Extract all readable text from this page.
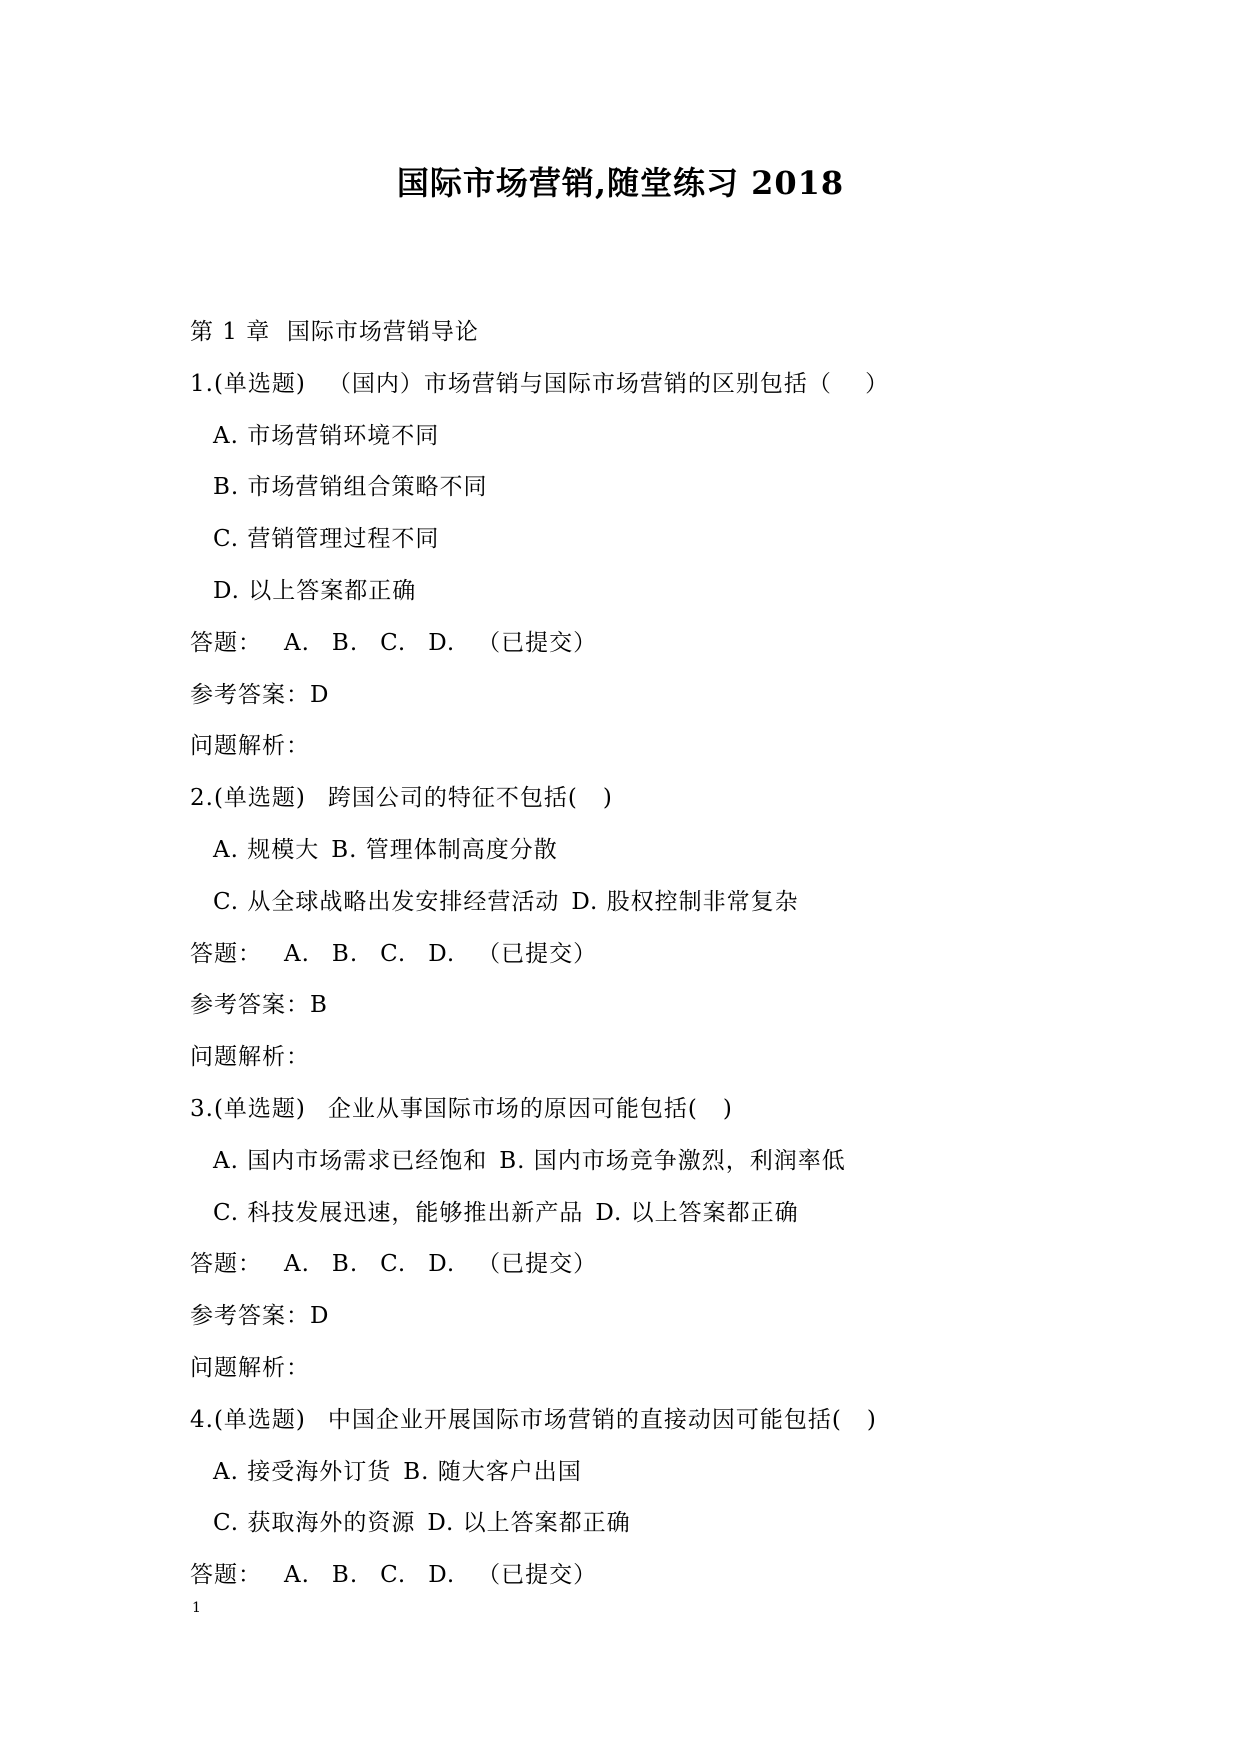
国际市场营销,随堂练习 2018
第 1 章  国际市场营销导论
1.(单选题) （国内）市场营销与国际市场营销的区别包括（    ）
A. 市场营销环境不同
B. 市场营销组合策略不同
C. 营销管理过程不同
D. 以上答案都正确
答题： A. B. C. D. （已提交）
参考答案：D
问题解析：
2.(单选题) 跨国公司的特征不包括(   )
A. 规模大 B. 管理体制高度分散
C. 从全球战略出发安排经营活动 D. 股权控制非常复杂
答题： A. B. C. D. （已提交）
参考答案：B
问题解析：
3.(单选题) 企业从事国际市场的原因可能包括(   )
A. 国内市场需求已经饱和 B. 国内市场竞争激烈，利润率低
C. 科技发展迅速，能够推出新产品 D. 以上答案都正确
答题： A. B. C. D. （已提交）
参考答案：D
问题解析：
4.(单选题) 中国企业开展国际市场营销的直接动因可能包括(   )
A. 接受海外订货 B. 随大客户出国
C. 获取海外的资源 D. 以上答案都正确
答题： A. B. C. D. （已提交）
1
